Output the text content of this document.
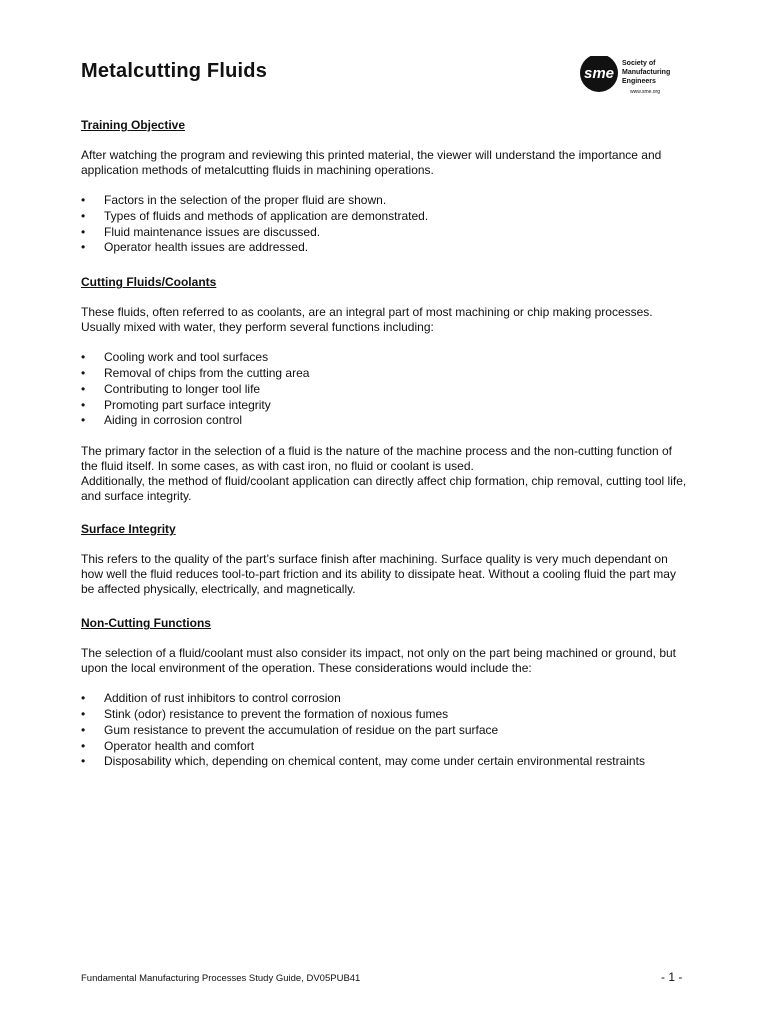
Metalcutting Fluids	sme
Society of
Manufacturing
Engineers
www.sme.org

Training Objective

After watching the program and reviewing this printed material, the viewer will understand the importance and application methods of metalcutting fluids in machining operations.

• Factors in the selection of the proper fluid are shown.
• Types of fluids and methods of application are demonstrated.
• Fluid maintenance issues are discussed.
• Operator health issues are addressed.

Cutting Fluids/Coolants

These fluids, often referred to as coolants, are an integral part of most machining or chip making processes. Usually mixed with water, they perform several functions including:

• Cooling work and tool surfaces
• Removal of chips from the cutting area
• Contributing to longer tool life
• Promoting part surface integrity
• Aiding in corrosion control

The primary factor in the selection of a fluid is the nature of the machine process and the non-cutting function of the fluid itself. In some cases, as with cast iron, no fluid or coolant is used.

Additionally, the method of fluid/coolant application can directly affect chip formation, chip removal, cutting tool life, and surface integrity.

Surface Integrity

This refers to the quality of the part’s surface finish after machining. Surface quality is very much dependant on how well the fluid reduces tool-to-part friction and its ability to dissipate heat. Without a cooling fluid the part may be affected physically, electrically, and magnetically.

Non-Cutting Functions

The selection of a fluid/coolant must also consider its impact, not only on the part being machined or ground, but upon the local environment of the operation. These considerations would include the:

• Addition of rust inhibitors to control corrosion
• Stink (odor) resistance to prevent the formation of noxious fumes
• Gum resistance to prevent the accumulation of residue on the part surface
• Operator health and comfort
• Disposability which, depending on chemical content, may come under certain environmental restraints
Fundamental Manufacturing Processes Study Guide, DV05PUB41	- 1 -
